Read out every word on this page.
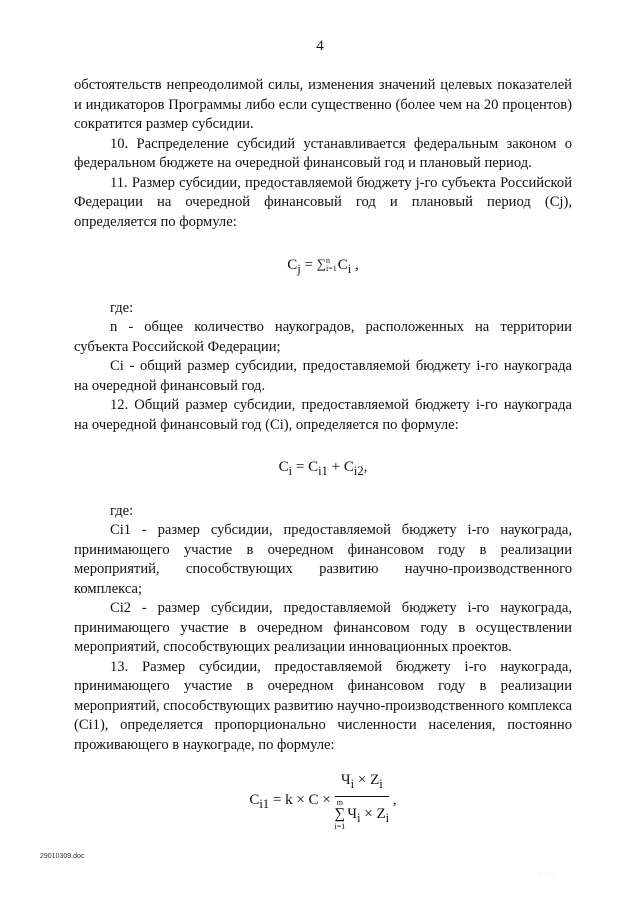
4

обстоятельств непреодолимой силы, изменения значений целевых показателей и индикаторов Программы либо если существенно (более чем на 20 процентов) сократится размер субсидии.

10. Распределение субсидий устанавливается федеральным законом о федеральном бюджете на очередной финансовый год и плановый период.

11. Размер субсидии, предоставляемой бюджету j-го субъекта Российской Федерации на очередной финансовый год и плановый период (Cj), определяется по формуле:

$C_j$ = ∑ n
i=1 $C_i$ ,

где:

n - общее количество наукоградов, расположенных на территории субъекта Российской Федерации;

Ci - общий размер субсидии, предоставляемой бюджету i-го наукограда на очередной финансовый год.

12. Общий размер субсидии, предоставляемой бюджету i-го наукограда на очередной финансовый год (Ci), определяется по формуле:

$C_i = C_{i1} + C_{i2}$,

где:

Ci1 - размер субсидии, предоставляемой бюджету i-го наукограда, принимающего участие в очередном финансовом году в реализации мероприятий, способствующих развитию научно-производственного комплекса;

Ci2 - размер субсидии, предоставляемой бюджету i-го наукограда, принимающего участие в очередном финансовом году в осуществлении мероприятий, способствующих реализации инновационных проектов.

13. Размер субсидии, предоставляемой бюджету i-го наукограда, принимающего участие в очередном финансовом году в реализации мероприятий, способствующих развитию научно-производственного комплекса (Ci1), определяется пропорционально численности населения, постоянно проживающего в наукограде, по формуле:

$C_{i1} = k \times C \times Ч_i \times Z_i$
m
∑
i=1
$Ч_i \times Z_i$ ,
29010309.doc
· · ·
